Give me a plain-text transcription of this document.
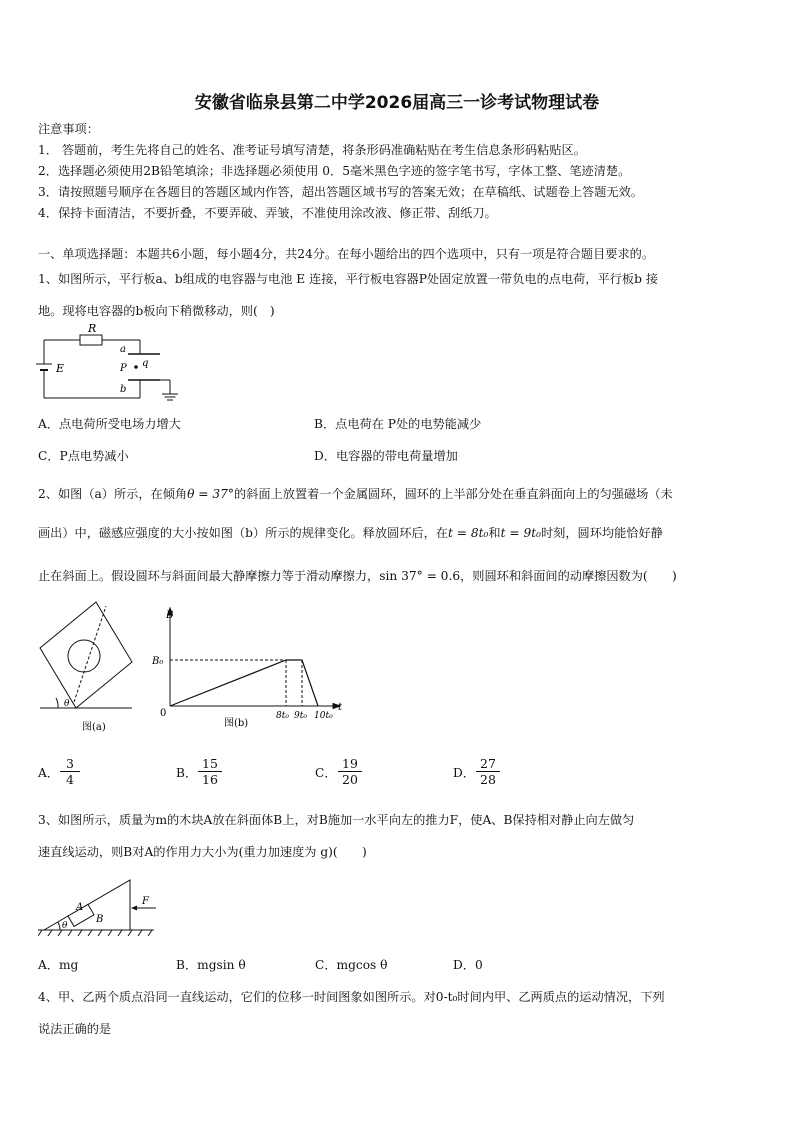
安徽省临泉县第二中学2026届高三一诊考试物理试卷
注意事项：
1． 答题前，考生先将自己的姓名、准考证号填写清楚，将条形码准确粘贴在考生信息条形码粘贴区。
2．选择题必须使用2B铅笔填涂；非选择题必须使用 0．5毫米黑色字迹的签字笔书写，字体工整、笔迹清楚。
3．请按照题号顺序在各题目的答题区域内作答，超出答题区域书写的答案无效；在草稿纸、试题卷上答题无效。
4．保持卡面清洁，不要折叠，不要弄破、弄皱，不准使用涂改液、修正带、刮纸刀。
一、单项选择题：本题共6小题，每小题4分，共24分。在每小题给出的四个选项中，只有一项是符合题目要求的。
1、如图所示，平行板a、b组成的电容器与电池 E 连接，平行板电容器P处固定放置一带负电的点电荷，平行板b 接
地。现将电容器的b板向下稍微移动，则(　)
R
E
a
b
P q
A．点电荷所受电场力增大	B．点电荷在 P处的电势能减少
C．P点电势减小	D．电容器的带电荷量增加
2、如图（a）所示，在倾角θ = 37°的斜面上放置着一个金属圆环，圆环的上半部分处在垂直斜面向上的匀强磁场（未
画出）中，磁感应强度的大小按如图（b）所示的规律变化。释放圆环后，在t = 8t₀和t = 9t₀时刻，圆环均能恰好静
止在斜面上。假设圆环与斜面间最大静摩擦力等于滑动摩擦力，sin 37° = 0.6，则圆环和斜面间的动摩擦因数为(　　)
θ
图(a)
B
B₀
0
t
8t₀ 9t₀ 10t₀
图(b)
A． $\frac{3}{4}$	B． $\frac{15}{16}$	C． $\frac{19}{20}$	D． $\frac{27}{28}$
3、如图所示，质量为m的木块A放在斜面体B上，对B施加一水平向左的推力F，使A、B保持相对静止向左做匀
速直线运动，则B对A的作用力大小为(重力加速度为 g)(　　)
A
B
F
θ
A．mg	B．mgsin θ	C．mgcos θ	D．0
4、甲、乙两个质点沿同一直线运动，它们的位移一时间图象如图所示。对0-t₀时间内甲、乙两质点的运动情况，下列
说法正确的是
